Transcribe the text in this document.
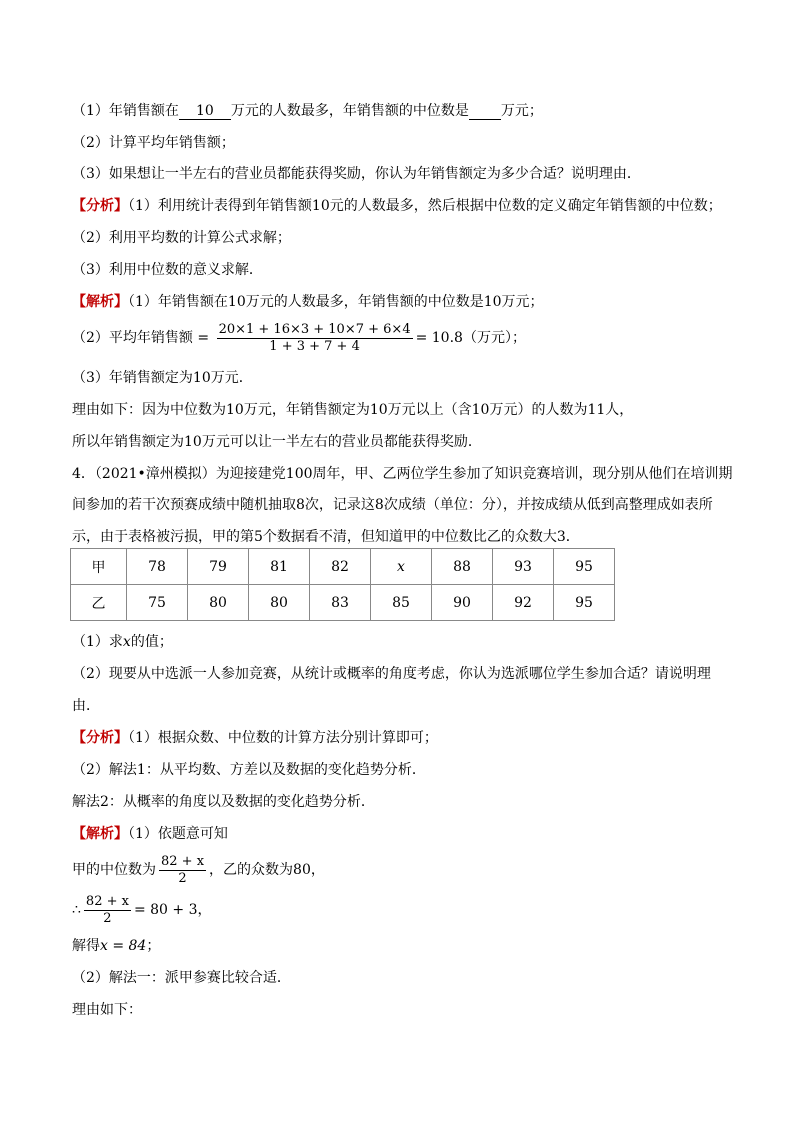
（1）年销售额在 10 万元的人数最多，年销售额的中位数是 万元；
（2）计算平均年销售额；
（3）如果想让一半左右的营业员都能获得奖励，你认为年销售额定为多少合适？说明理由．
【分析】（1）利用统计表得到年销售额10元的人数最多，然后根据中位数的定义确定年销售额的中位数；
（2）利用平均数的计算公式求解；
（3）利用中位数的意义求解．
【解析】（1）年销售额在10万元的人数最多，年销售额的中位数是10万元；
（2）平均年销售额 = $\frac{20\times 1 + 16\times 3 + 10\times 7 + 6\times 4}{1 + 3 + 7 + 4} = 10.8$（万元）；
（3）年销售额定为10万元．
理由如下：因为中位数为10万元，年销售额定为10万元以上（含10万元）的人数为11人，
所以年销售额定为10万元可以让一半左右的营业员都能获得奖励．
4．（2021•漳州模拟）为迎接建党100周年，甲、乙两位学生参加了知识竞赛培训，现分别从他们在培训期
间参加的若干次预赛成绩中随机抽取8次，记录这8次成绩（单位：分），并按成绩从低到高整理成如表所
示，由于表格被污损，甲的第5个数据看不清，但知道甲的中位数比乙的众数大3．
甲	78	79	81	82	x	88	93	95
乙	75	80	80	83	85	90	92	95
（1）求x的值；
（2）现要从中选派一人参加竞赛，从统计或概率的角度考虑，你认为选派哪位学生参加合适？请说明理
由．
【分析】（1）根据众数、中位数的计算方法分别计算即可；
（2）解法1：从平均数、方差以及数据的变化趋势分析．
解法2：从概率的角度以及数据的变化趋势分析．
【解析】（1）依题意可知
甲的中位数为 $\frac{82 + x}{2}$ ，乙的众数为80，
∴ $\frac{82 + x}{2} = 80 + 3$，
解得x = 84；
（2）解法一：派甲参赛比较合适．
理由如下：
